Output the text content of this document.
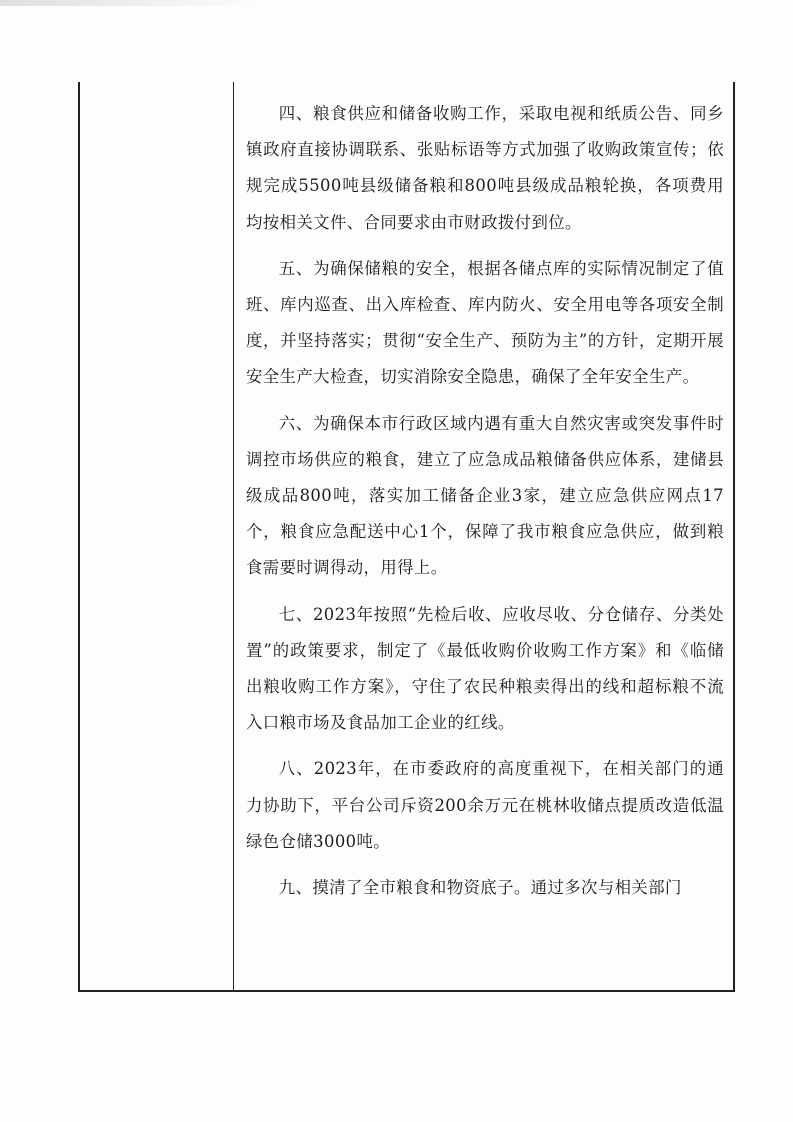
四、粮食供应和储备收购工作，采取电视和纸质公告、同乡镇政府直接协调联系、张贴标语等方式加强了收购政策宣传；依规完成5500吨县级储备粮和800吨县级成品粮轮换，各项费用均按相关文件、合同要求由市财政拨付到位。

五、为确保储粮的安全，根据各储点库的实际情况制定了值班、库内巡查、出入库检查、库内防火、安全用电等各项安全制度，并坚持落实；贯彻“安全生产、预防为主”的方针，定期开展安全生产大检查，切实消除安全隐患，确保了全年安全生产。

六、为确保本市行政区域内遇有重大自然灾害或突发事件时调控市场供应的粮食，建立了应急成品粮储备供应体系，建储县级成品800吨，落实加工储备企业3家，建立应急供应网点17个，粮食应急配送中心1个，保障了我市粮食应急供应，做到粮食需要时调得动，用得上。

七、2023年按照“先检后收、应收尽收、分仓储存、分类处置”的政策要求，制定了《最低收购价收购工作方案》和《临储出粮收购工作方案》，守住了农民种粮卖得出的线和超标粮不流入口粮市场及食品加工企业的红线。

八、2023年，在市委政府的高度重视下，在相关部门的通力协助下，平台公司斥资200余万元在桃林收储点提质改造低温绿色仓储3000吨。

九、摸清了全市粮食和物资底子。通过多次与相关部门
